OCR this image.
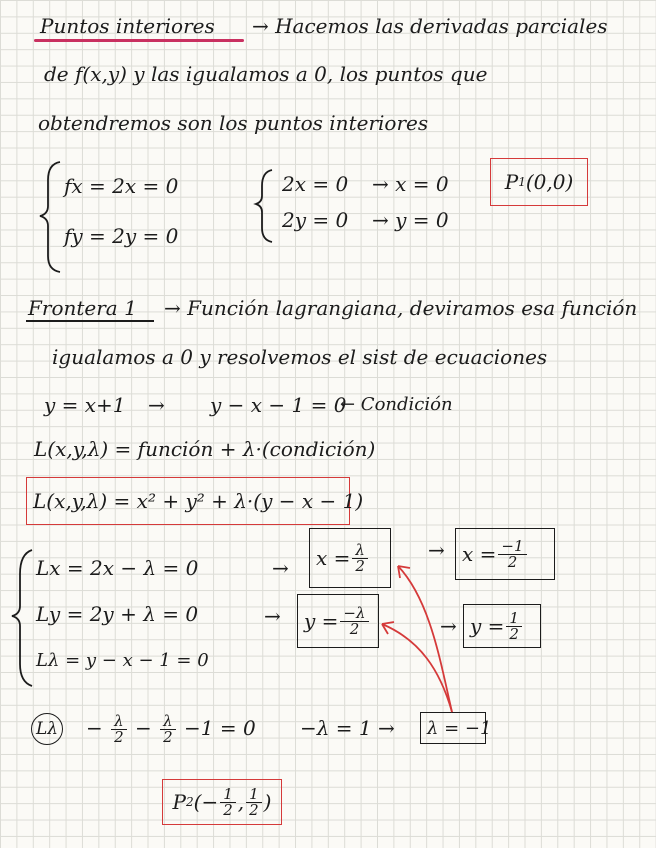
Puntos interiores → Hacemos las derivadas parciales
de f(x,y) y las igualamos a 0, los puntos que
obtendremos son los puntos interiores
fx = 2x = 0
fy = 2y = 0
2x = 0 → x = 0
2y = 0 → y = 0
P 1 (0,0)
Frontera 1 → Función lagrangiana, deviramos esa función
igualamos a 0 y resolvemos el sist de ecuaciones
y = x+1 → y − x − 1 = 0
← Condición
L(x,y,λ) = función + λ·(condición)
L(x,y,λ) = x² + y² + λ·(y − x − 1)
Lx = 2x − λ = 0
Ly = 2y + λ = 0
Lλ = y − x − 1 = 0
→
→
$x = \frac{\lambda}{2}$
$y = \frac{-\lambda}{2}$
→
→
$x = \frac{-1}{2}$
$y = \frac{1}{2}$
$L\lambda - \frac{\lambda}{2} - \frac{\lambda}{2} -1 = 0 -\lambda = 1$ →	λ = −1
P 2 (− $\frac{1}{2}$ , $\frac{1}{2}$ )
